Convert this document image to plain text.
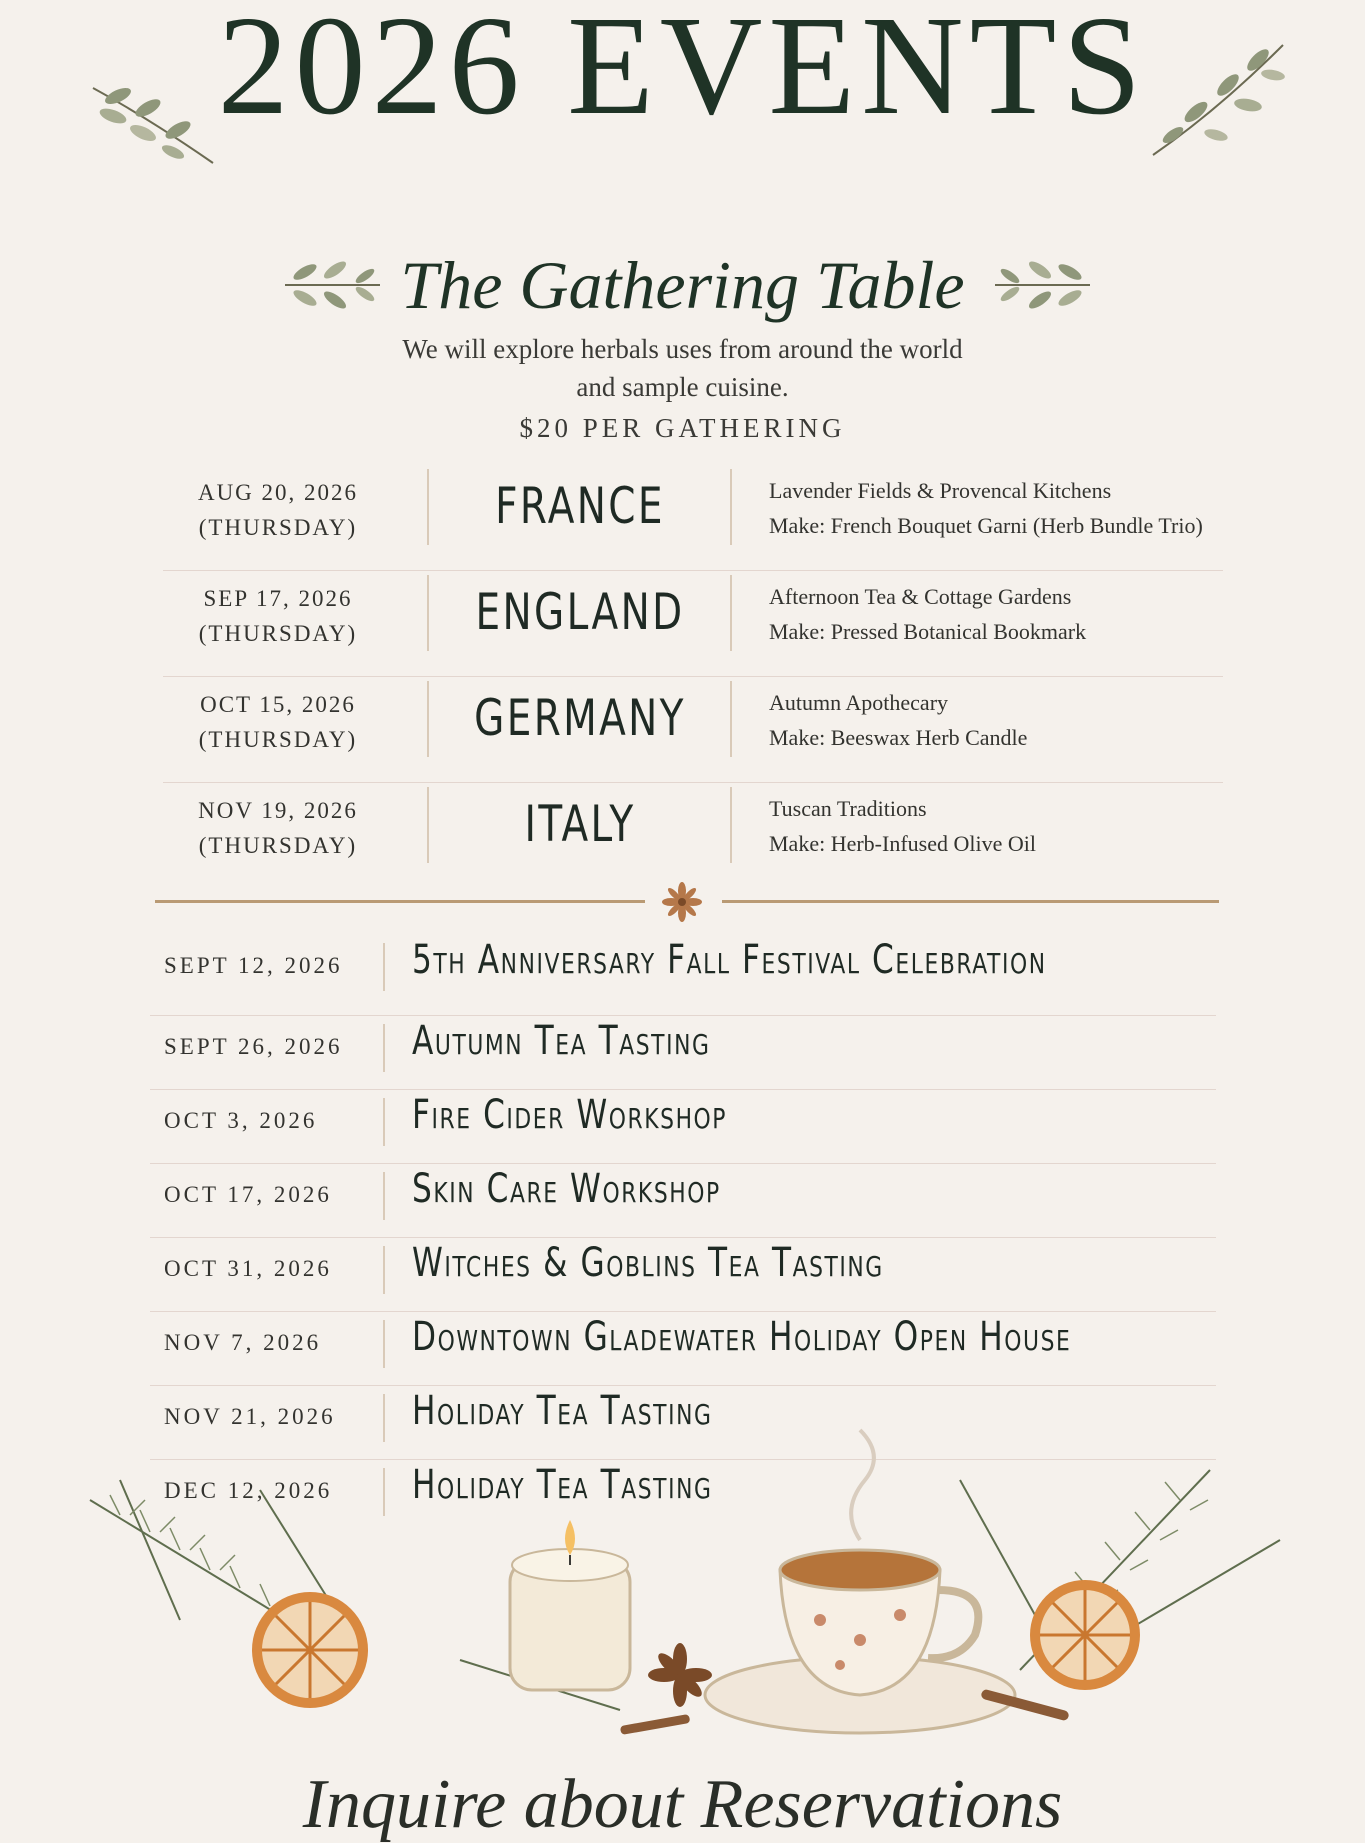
2026 EVENTS
The Gathering Table
We will explore herbals uses from around the world
and sample cuisine.
$20 PER GATHERING
AUG 20, 2026
(THURSDAY)	FRANCE	Lavender Fields & Provencal Kitchens
Make: French Bouquet Garni (Herb Bundle Trio)
SEP 17, 2026
(THURSDAY)	ENGLAND	Afternoon Tea & Cottage Gardens
Make: Pressed Botanical Bookmark
OCT 15, 2026
(THURSDAY)	GERMANY	Autumn Apothecary
Make: Beeswax Herb Candle
NOV 19, 2026
(THURSDAY)	ITALY	Tuscan Traditions
Make: Herb-Infused Olive Oil
SEPT 12, 2026 5th Anniversary Fall Festival Celebration
SEPT 26, 2026 Autumn Tea Tasting
OCT 3, 2026 Fire Cider Workshop
OCT 17, 2026 Skin Care Workshop
OCT 31, 2026 Witches & Goblins Tea Tasting
NOV 7, 2026 Downtown Gladewater Holiday Open House
NOV 21, 2026 Holiday Tea Tasting
DEC 12, 2026 Holiday Tea Tasting
Inquire about Reservations
